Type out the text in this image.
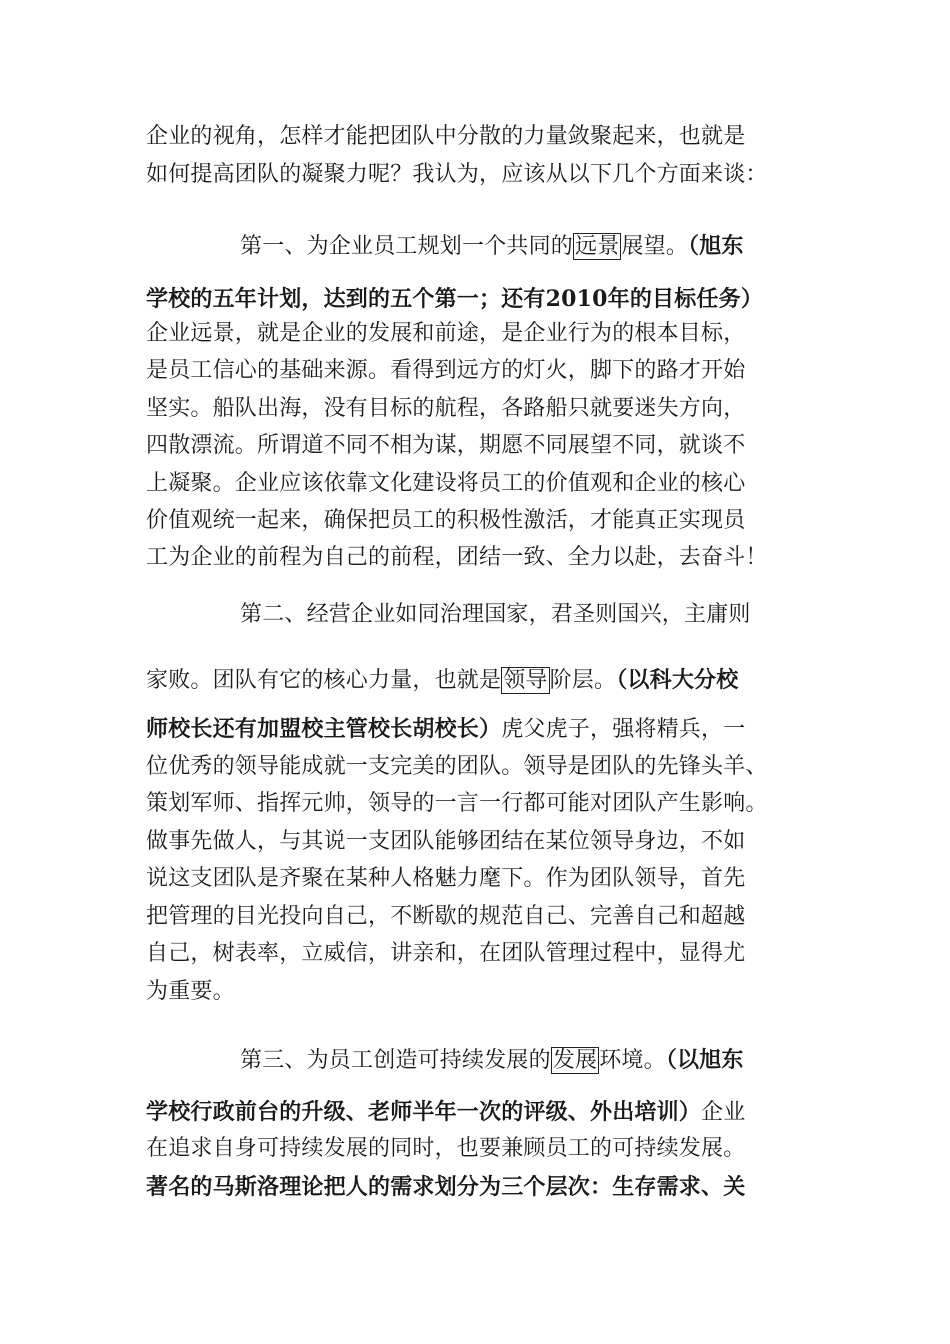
企业的视角，怎样才能把团队中分散的力量敛聚起来，也就是
如何提高团队的凝聚力呢？我认为，应该从以下几个方面来谈：
第一、为企业员工规划一个共同的远景展望。（旭东
学校的五年计划，达到的五个第一；还有2010年的目标任务）
企业远景，就是企业的发展和前途，是企业行为的根本目标，
是员工信心的基础来源。看得到远方的灯火，脚下的路才开始
坚实。船队出海，没有目标的航程，各路船只就要迷失方向，
四散漂流。所谓道不同不相为谋，期愿不同展望不同，就谈不
上凝聚。企业应该依靠文化建设将员工的价值观和企业的核心
价值观统一起来，确保把员工的积极性激活，才能真正实现员
工为企业的前程为自己的前程，团结一致、全力以赴，去奋斗！
第二、经营企业如同治理国家，君圣则国兴，主庸则
家败。团队有它的核心力量，也就是领导阶层。（以科大分校
师校长还有加盟校主管校长胡校长）虎父虎子，强将精兵，一
位优秀的领导能成就一支完美的团队。领导是团队的先锋头羊、
策划军师、指挥元帅，领导的一言一行都可能对团队产生影响。
做事先做人，与其说一支团队能够团结在某位领导身边，不如
说这支团队是齐聚在某种人格魅力麾下。作为团队领导，首先
把管理的目光投向自己，不断歇的规范自己、完善自己和超越
自己，树表率，立威信，讲亲和，在团队管理过程中，显得尤
为重要。
第三、为员工创造可持续发展的发展环境。（以旭东
学校行政前台的升级、老师半年一次的评级、外出培训）企业
在追求自身可持续发展的同时，也要兼顾员工的可持续发展。
著名的马斯洛理论把人的需求划分为三个层次：生存需求、关
